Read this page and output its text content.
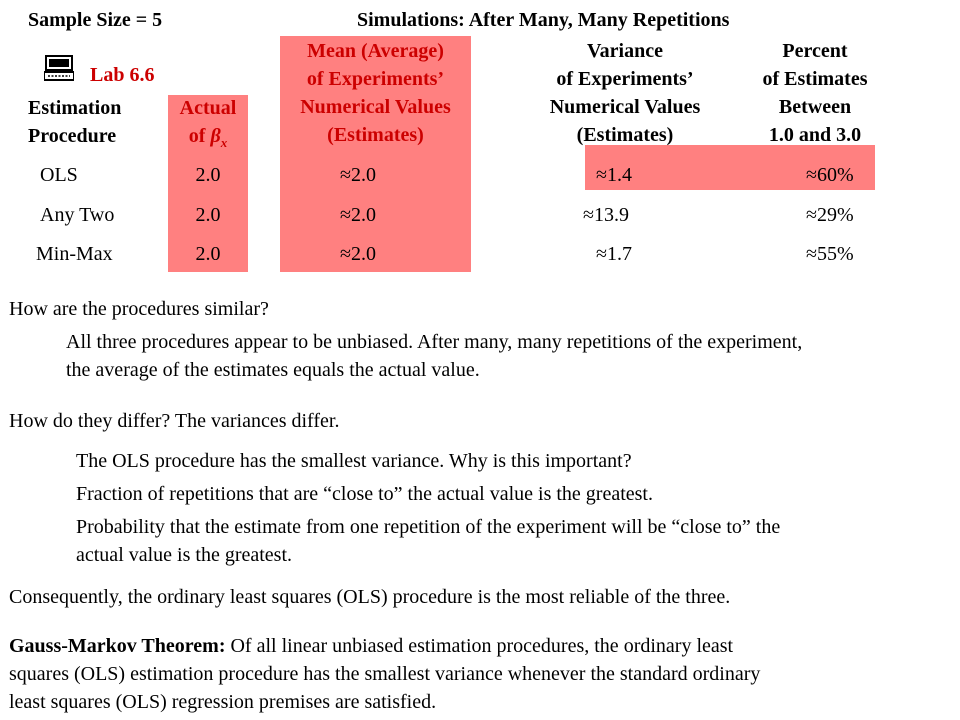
Sample Size = 5	Simulations: After Many, Many Repetitions
Lab 6.6
Estimation
Procedure
Actual
of $\beta_x$
Mean (Average)
of Experiments’
Numerical Values
(Estimates)
Variance
of Experiments’
Numerical Values
(Estimates)
Percent
of Estimates
Between
1.0 and 3.0
OLS	2.0	≈2.0	≈1.4	≈60%
Any Two	2.0	≈2.0	≈13.9	≈29%
Min-Max	2.0	≈2.0	≈1.7	≈55%
How are the procedures similar?
All three procedures appear to be unbiased. After many, many repetitions of the experiment,
the average of the estimates equals the actual value.
How do they differ? The variances differ.
The OLS procedure has the smallest variance. Why is this important?
Fraction of repetitions that are “close to” the actual value is the greatest.
Probability that the estimate from one repetition of the experiment will be “close to” the
actual value is the greatest.
Consequently, the ordinary least squares (OLS) procedure is the most reliable of the three.
Gauss-Markov Theorem: Of all linear unbiased estimation procedures, the ordinary least
squares (OLS) estimation procedure has the smallest variance whenever the standard ordinary
least squares (OLS) regression premises are satisfied.
